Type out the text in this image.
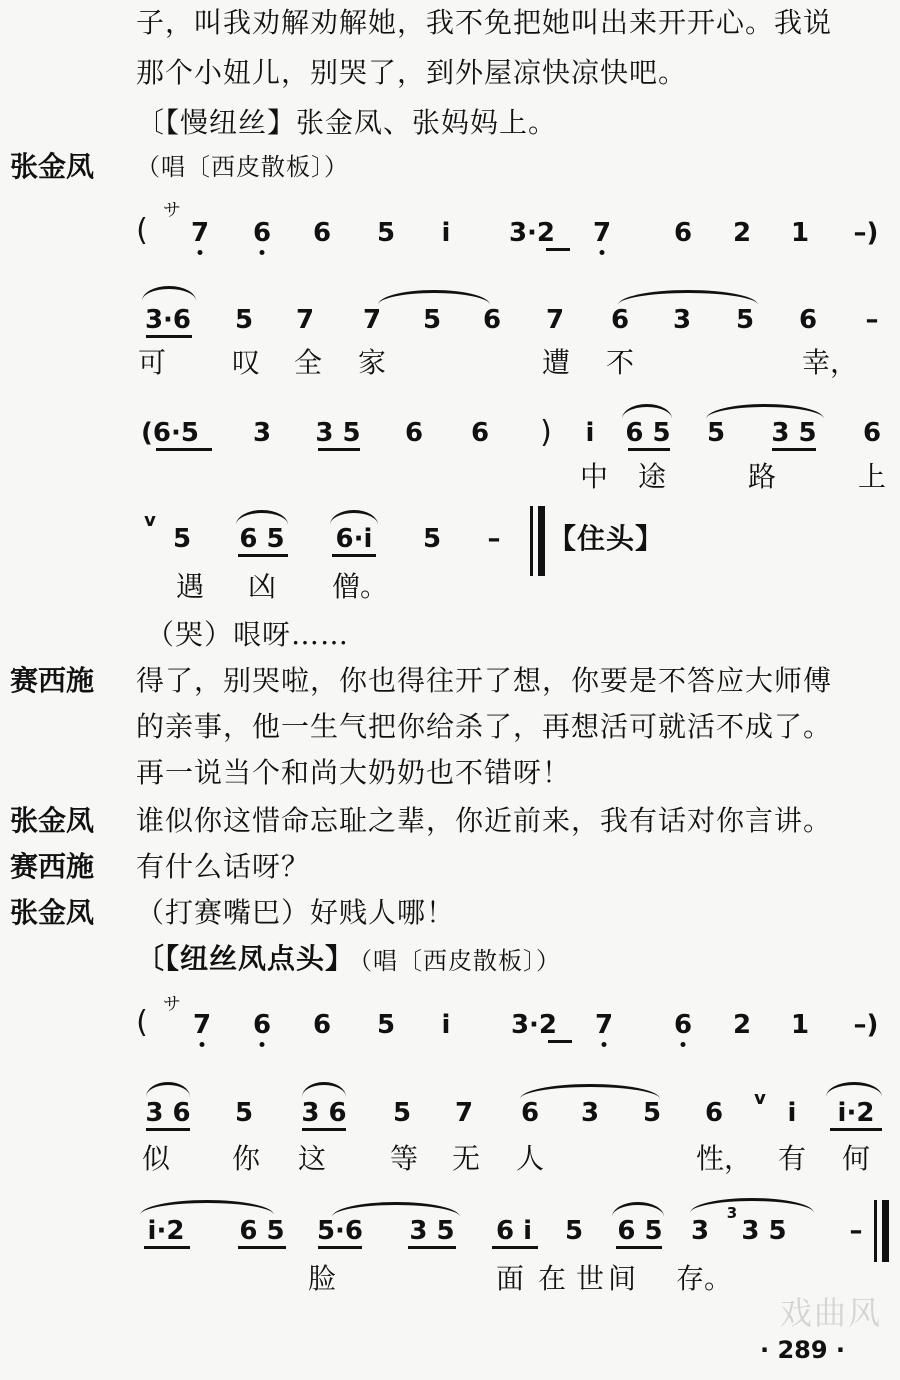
子，叫我劝解劝解她，我不免把她叫出来开开心。我说
那个小妞儿，别哭了，到外屋凉快凉快吧。
〔【慢纽丝】张金凤、张妈妈上。
张金凤 （唱〔西皮散板〕）
(
サ
7 6 6 5 i 3·2 7 6 2 1 –)
3·6 5 7 7 5 6 7 6 3 5 6 –
可 叹 全 家	遭 不	幸，
(6·5 3 3 5 6 6 ) i 6 5 5 3 5 6
中 途	路	上
v
5 6 5 6·i 5 – 【住头】
遇 凶 僧。
（哭）哏呀……
赛西施 得了，别哭啦，你也得往开了想，你要是不答应大师傅
的亲事，他一生气把你给杀了，再想活可就活不成了。
再一说当个和尚大奶奶也不错呀！
张金凤 谁似你这惜命忘耻之辈，你近前来，我有话对你言讲。
赛西施 有什么话呀？
张金凤 （打赛嘴巴）好贱人哪！
〔【纽丝凤点头】
（唱〔西皮散板〕）
(
サ
7 6 6 5 i 3·2 7 6 2 1 –)
3 6 5 3 6 5 7 6 3 5 6 v i i·2
似 你 这 等 无 人	性， 有 何
i·2 6 5 5·6 3 5 6 i 5 6 5 3
3
3 5 –
脸	面 在 世 间 存。
戏曲风
· 289 ·
